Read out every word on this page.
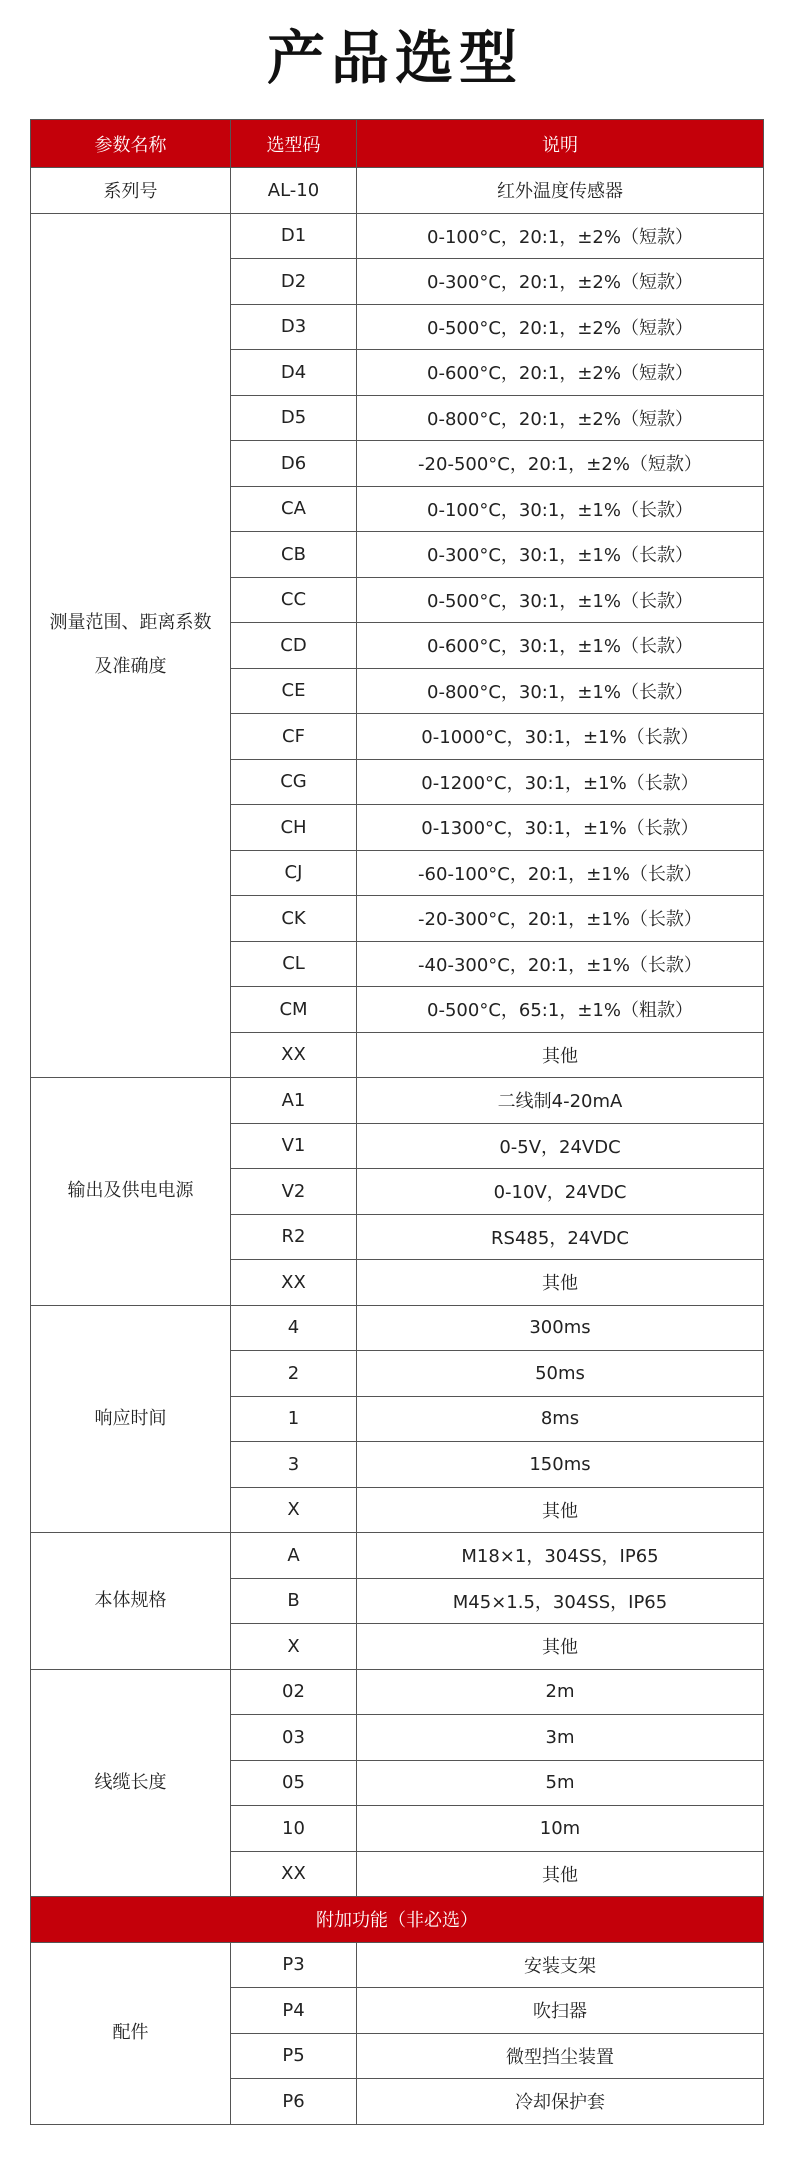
产品选型
参数名称	选型码	说明
系列号	AL-10	红外温度传感器

测量范围、距离系数
及准确度	D1	0-100°C，20:1，±2%（短款）
	D2	0-300°C，20:1，±2%（短款）
	D3	0-500°C，20:1，±2%（短款）
	D4	0-600°C，20:1，±2%（短款）
	D5	0-800°C，20:1，±2%（短款）
	D6	-20-500°C，20:1，±2%（短款）
	CA	0-100°C，30:1，±1%（长款）
	CB	0-300°C，30:1，±1%（长款）
	CC	0-500°C，30:1，±1%（长款）
	CD	0-600°C，30:1，±1%（长款）
	CE	0-800°C，30:1，±1%（长款）
	CF	0-1000°C，30:1，±1%（长款）
	CG	0-1200°C，30:1，±1%（长款）
	CH	0-1300°C，30:1，±1%（长款）
	CJ	-60-100°C，20:1，±1%（长款）
	CK	-20-300°C，20:1，±1%（长款）
	CL	-40-300°C，20:1，±1%（长款）
	CM	0-500°C，65:1，±1%（粗款）
	XX	其他

输出及供电电源	A1	二线制4-20mA
	V1	0-5V，24VDC
	V2	0-10V，24VDC
	R2	RS485，24VDC
	XX	其他

响应时间	4	300ms
	2	50ms
	1	8ms
	3	150ms
	X	其他

本体规格	A	M18×1，304SS，IP65
	B	M45×1.5，304SS，IP65
	X	其他

线缆长度	02	2m
	03	3m
	05	5m
	10	10m
	XX	其他
附加功能（非必选）		

配件	P3	安装支架
	P4	吹扫器
	P5	微型挡尘装置
	P6	冷却保护套
